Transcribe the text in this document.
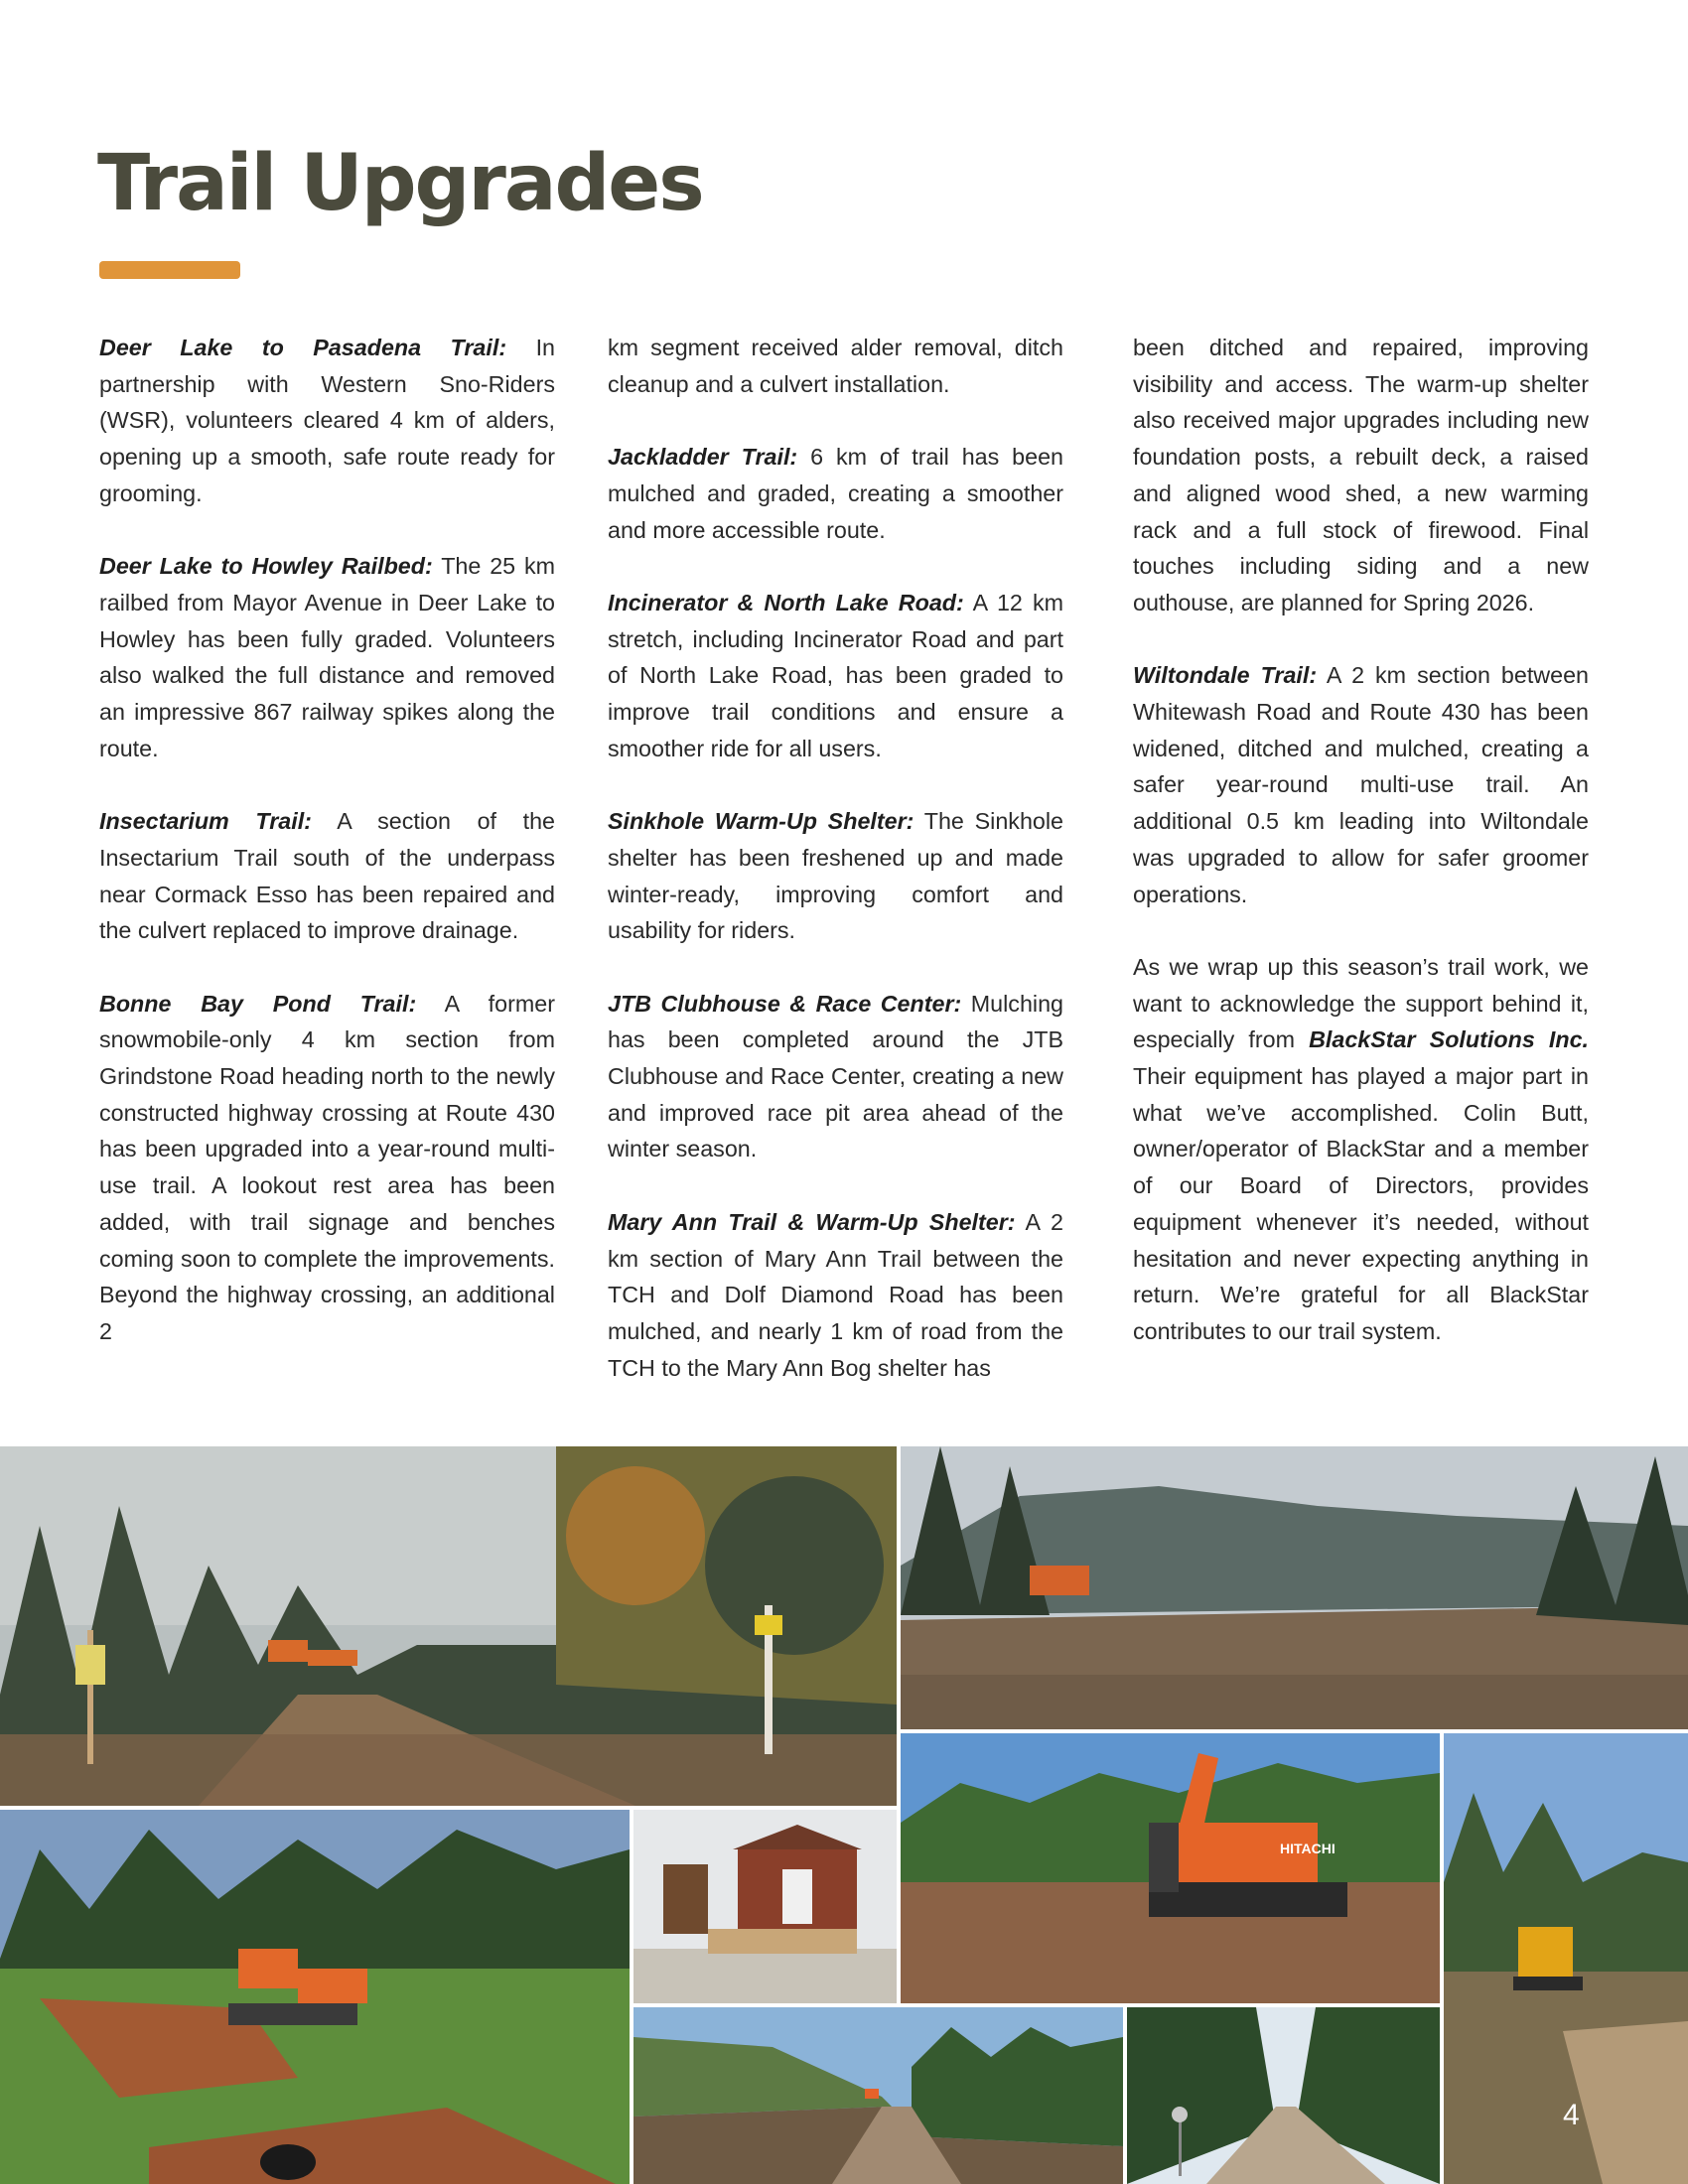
Trail Upgrades

Deer Lake to Pasadena Trail: In partnership with Western Sno-Riders (WSR), volunteers cleared 4 km of alders, opening up a smooth, safe route ready for grooming.

Deer Lake to Howley Railbed: The 25 km railbed from Mayor Avenue in Deer Lake to Howley has been fully graded. Volunteers also walked the full distance and removed an impressive 867 railway spikes along the route.

Insectarium Trail: A section of the Insectarium Trail south of the underpass near Cormack Esso has been repaired and the culvert replaced to improve drainage.

Bonne Bay Pond Trail: A former snowmobile-only 4 km section from Grindstone Road heading north to the newly constructed highway crossing at Route 430 has been upgraded into a year-round multi-use trail. A lookout rest area has been added, with trail signage and benches coming soon to complete the improvements. Beyond the highway crossing, an additional 2

km segment received alder removal, ditch cleanup and a culvert installation.

Jackladder Trail: 6 km of trail has been mulched and graded, creating a smoother and more accessible route.

Incinerator & North Lake Road: A 12 km stretch, including Incinerator Road and part of North Lake Road, has been graded to improve trail conditions and ensure a smoother ride for all users.

Sinkhole Warm-Up Shelter: The Sinkhole shelter has been freshened up and made winter-ready, improving comfort and usability for riders.

JTB Clubhouse & Race Center: Mulching has been completed around the JTB Clubhouse and Race Center, creating a new and improved race pit area ahead of the winter season.

Mary Ann Trail & Warm-Up Shelter: A 2 km section of Mary Ann Trail between the TCH and Dolf Diamond Road has been mulched, and nearly 1 km of road from the TCH to the Mary Ann Bog shelter has

been ditched and repaired, improving visibility and access. The warm-up shelter also received major upgrades including new foundation posts, a rebuilt deck, a raised and aligned wood shed, a new warming rack and a full stock of firewood. Final touches including siding and a new outhouse, are planned for Spring 2026.

Wiltondale Trail: A 2 km section between Whitewash Road and Route 430 has been widened, ditched and mulched, creating a safer year-round multi-use trail. An additional 0.5 km leading into Wiltondale was upgraded to allow for safer groomer operations.

As we wrap up this season’s trail work, we want to acknowledge the support behind it, especially from BlackStar Solutions Inc. Their equipment has played a major part in what we’ve accomplished. Colin Butt, owner/operator of BlackStar and a member of our Board of Directors, provides equipment whenever it’s needed, without hesitation and never expecting anything in return. We’re grateful for all BlackStar contributes to our trail system.

HITACHI
4
